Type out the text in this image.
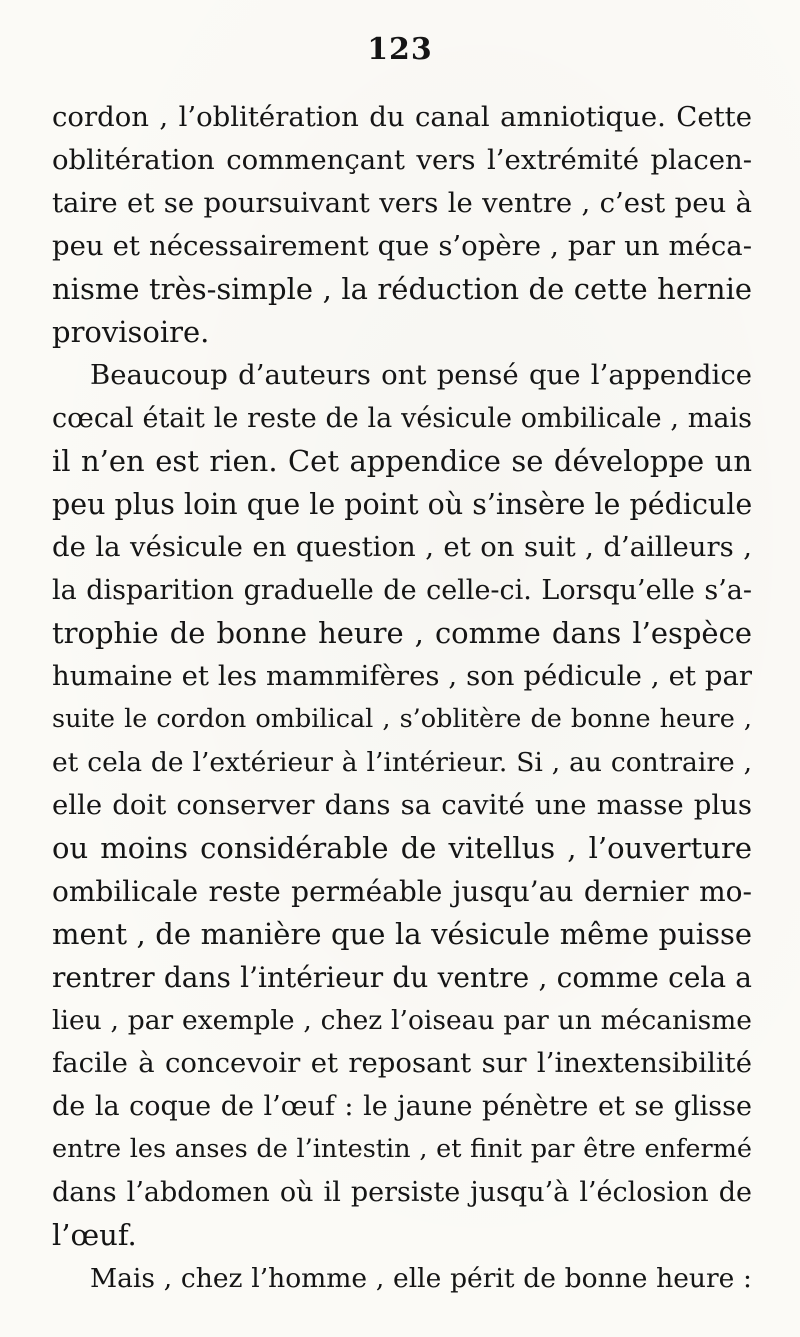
123
cordon , l’oblitération du canal amniotique. Cette
oblitération commençant vers l’extrémité placen-
taire et se poursuivant vers le ventre , c’est peu à
peu et nécessairement que s’opère , par un méca-
nisme très-simple , la réduction de cette hernie
provisoire.
Beaucoup d’auteurs ont pensé que l’appendice
cœcal était le reste de la vésicule ombilicale , mais
il n’en est rien. Cet appendice se développe un
peu plus loin que le point où s’insère le pédicule
de la vésicule en question , et on suit , d’ailleurs ,
la disparition graduelle de celle-ci. Lorsqu’elle s’a-
trophie de bonne heure , comme dans l’espèce
humaine et les mammifères , son pédicule , et par
suite le cordon ombilical , s’oblitère de bonne heure ,
et cela de l’extérieur à l’intérieur. Si , au contraire ,
elle doit conserver dans sa cavité une masse plus
ou moins considérable de vitellus , l’ouverture
ombilicale reste perméable jusqu’au dernier mo-
ment , de manière que la vésicule même puisse
rentrer dans l’intérieur du ventre , comme cela a
lieu , par exemple , chez l’oiseau par un mécanisme
facile à concevoir et reposant sur l’inextensibilité
de la coque de l’œuf : le jaune pénètre et se glisse
entre les anses de l’intestin , et finit par être enfermé
dans l’abdomen où il persiste jusqu’à l’éclosion de
l’œuf.
Mais , chez l’homme , elle périt de bonne heure :
